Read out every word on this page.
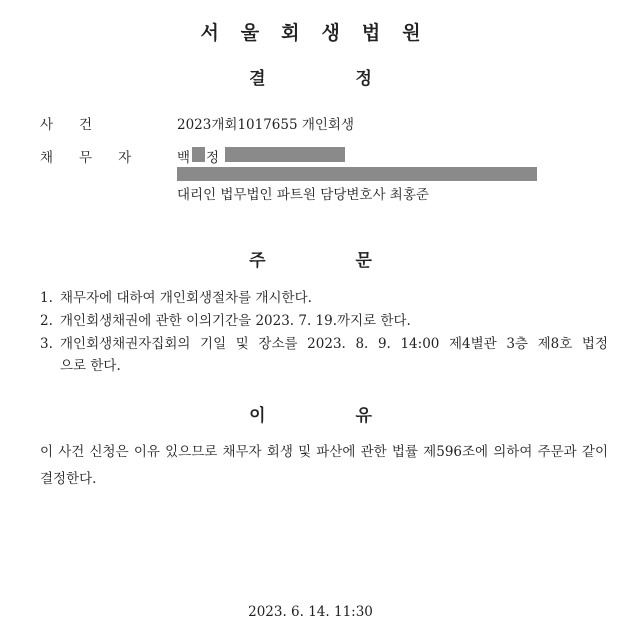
서울회생법원
결정
사건	2023개회1017655 개인회생
채무자 백 정
대리인 법무법인 파트원 담당변호사 최홍준
주문
1. 채무자에 대하여 개인회생절차를 개시한다.
2. 개인회생채권에 관한 이의기간을 2023. 7. 19.까지로 한다.
3. 개인회생채권자집회의 기일 및 장소를 2023. 8. 9. 14:00 제4별관 3층 제8호 법정
으로 한다.
이유
이 사건 신청은 이유 있으므로 채무자 회생 및 파산에 관한 법률 제596조에 의하여 주문과 같이 결정한다.
2023. 6. 14. 11:30
